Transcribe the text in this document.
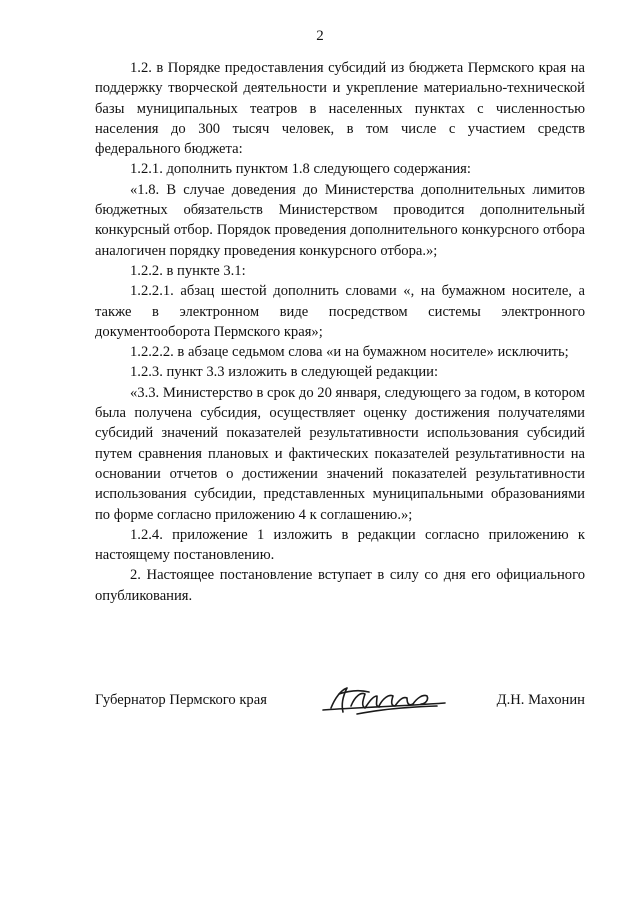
2

1.2. в Порядке предоставления субсидий из бюджета Пермского края на поддержку творческой деятельности и укрепление материально-технической базы муниципальных театров в населенных пунктах с численностью населения до 300 тысяч человек, в том числе с участием средств федерального бюджета:

1.2.1. дополнить пунктом 1.8 следующего содержания:

«1.8. В случае доведения до Министерства дополнительных лимитов бюджетных обязательств Министерством проводится дополнительный конкурсный отбор. Порядок проведения дополнительного конкурсного отбора аналогичен порядку проведения конкурсного отбора.»;

1.2.2. в пункте 3.1:

1.2.2.1. абзац шестой дополнить словами «, на бумажном носителе, а также в электронном виде посредством системы электронного документооборота Пермского края»;

1.2.2.2. в абзаце седьмом слова «и на бумажном носителе» исключить;

1.2.3. пункт 3.3 изложить в следующей редакции:

«3.3. Министерство в срок до 20 января, следующего за годом, в котором была получена субсидия, осуществляет оценку достижения получателями субсидий значений показателей результативности использования субсидий путем сравнения плановых и фактических показателей результативности на основании отчетов о достижении значений показателей результативности использования субсидии, представленных муниципальными образованиями по форме согласно приложению 4 к соглашению.»;

1.2.4. приложение 1 изложить в редакции согласно приложению к настоящему постановлению.

2. Настоящее постановление вступает в силу со дня его официального опубликования.

Губернатор Пермского края	Д.Н. Махонин
